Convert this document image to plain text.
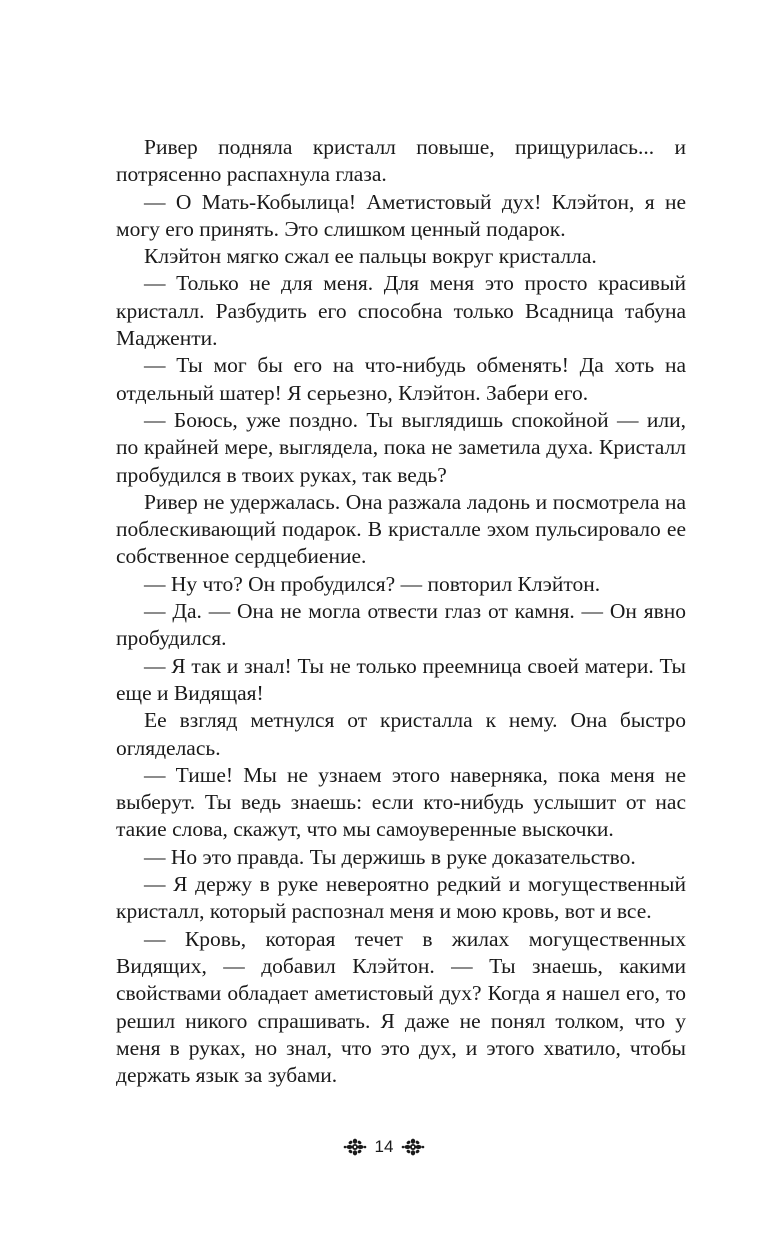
Ривер подняла кристалл повыше, прищурилась... и потрясенно распахнула глаза.

— О Мать-Кобылица! Аметистовый дух! Клэйтон, я не могу его принять. Это слишком ценный подарок.

Клэйтон мягко сжал ее пальцы вокруг кристалла.

— Только не для меня. Для меня это просто красивый кристалл. Разбудить его способна только Всадница табуна Мадженти.

— Ты мог бы его на что-нибудь обменять! Да хоть на отдельный шатер! Я серьезно, Клэйтон. Забери его.

— Боюсь, уже поздно. Ты выглядишь спокойной — или, по крайней мере, выглядела, пока не заметила духа. Кристалл пробудился в твоих руках, так ведь?

Ривер не удержалась. Она разжала ладонь и посмотрела на поблескивающий подарок. В кристалле эхом пульсировало ее собственное сердцебиение.

— Ну что? Он пробудился? — повторил Клэйтон.

— Да. — Она не могла отвести глаз от камня. — Он явно пробудился.

— Я так и знал! Ты не только преемница своей матери. Ты еще и Видящая!

Ее взгляд метнулся от кристалла к нему. Она быстро огляделась.

— Тише! Мы не узнаем этого наверняка, пока меня не выберут. Ты ведь знаешь: если кто-нибудь услышит от нас такие слова, скажут, что мы самоуверенные выскочки.

— Но это правда. Ты держишь в руке доказательство.

— Я держу в руке невероятно редкий и могущественный кристалл, который распознал меня и мою кровь, вот и все.

— Кровь, которая течет в жилах могущественных Видящих, — добавил Клэйтон. — Ты знаешь, какими свойствами обладает аметистовый дух? Когда я нашел его, то решил никого спрашивать. Я даже не понял толком, что у меня в руках, но знал, что это дух, и этого хватило, чтобы держать язык за зубами.

14
